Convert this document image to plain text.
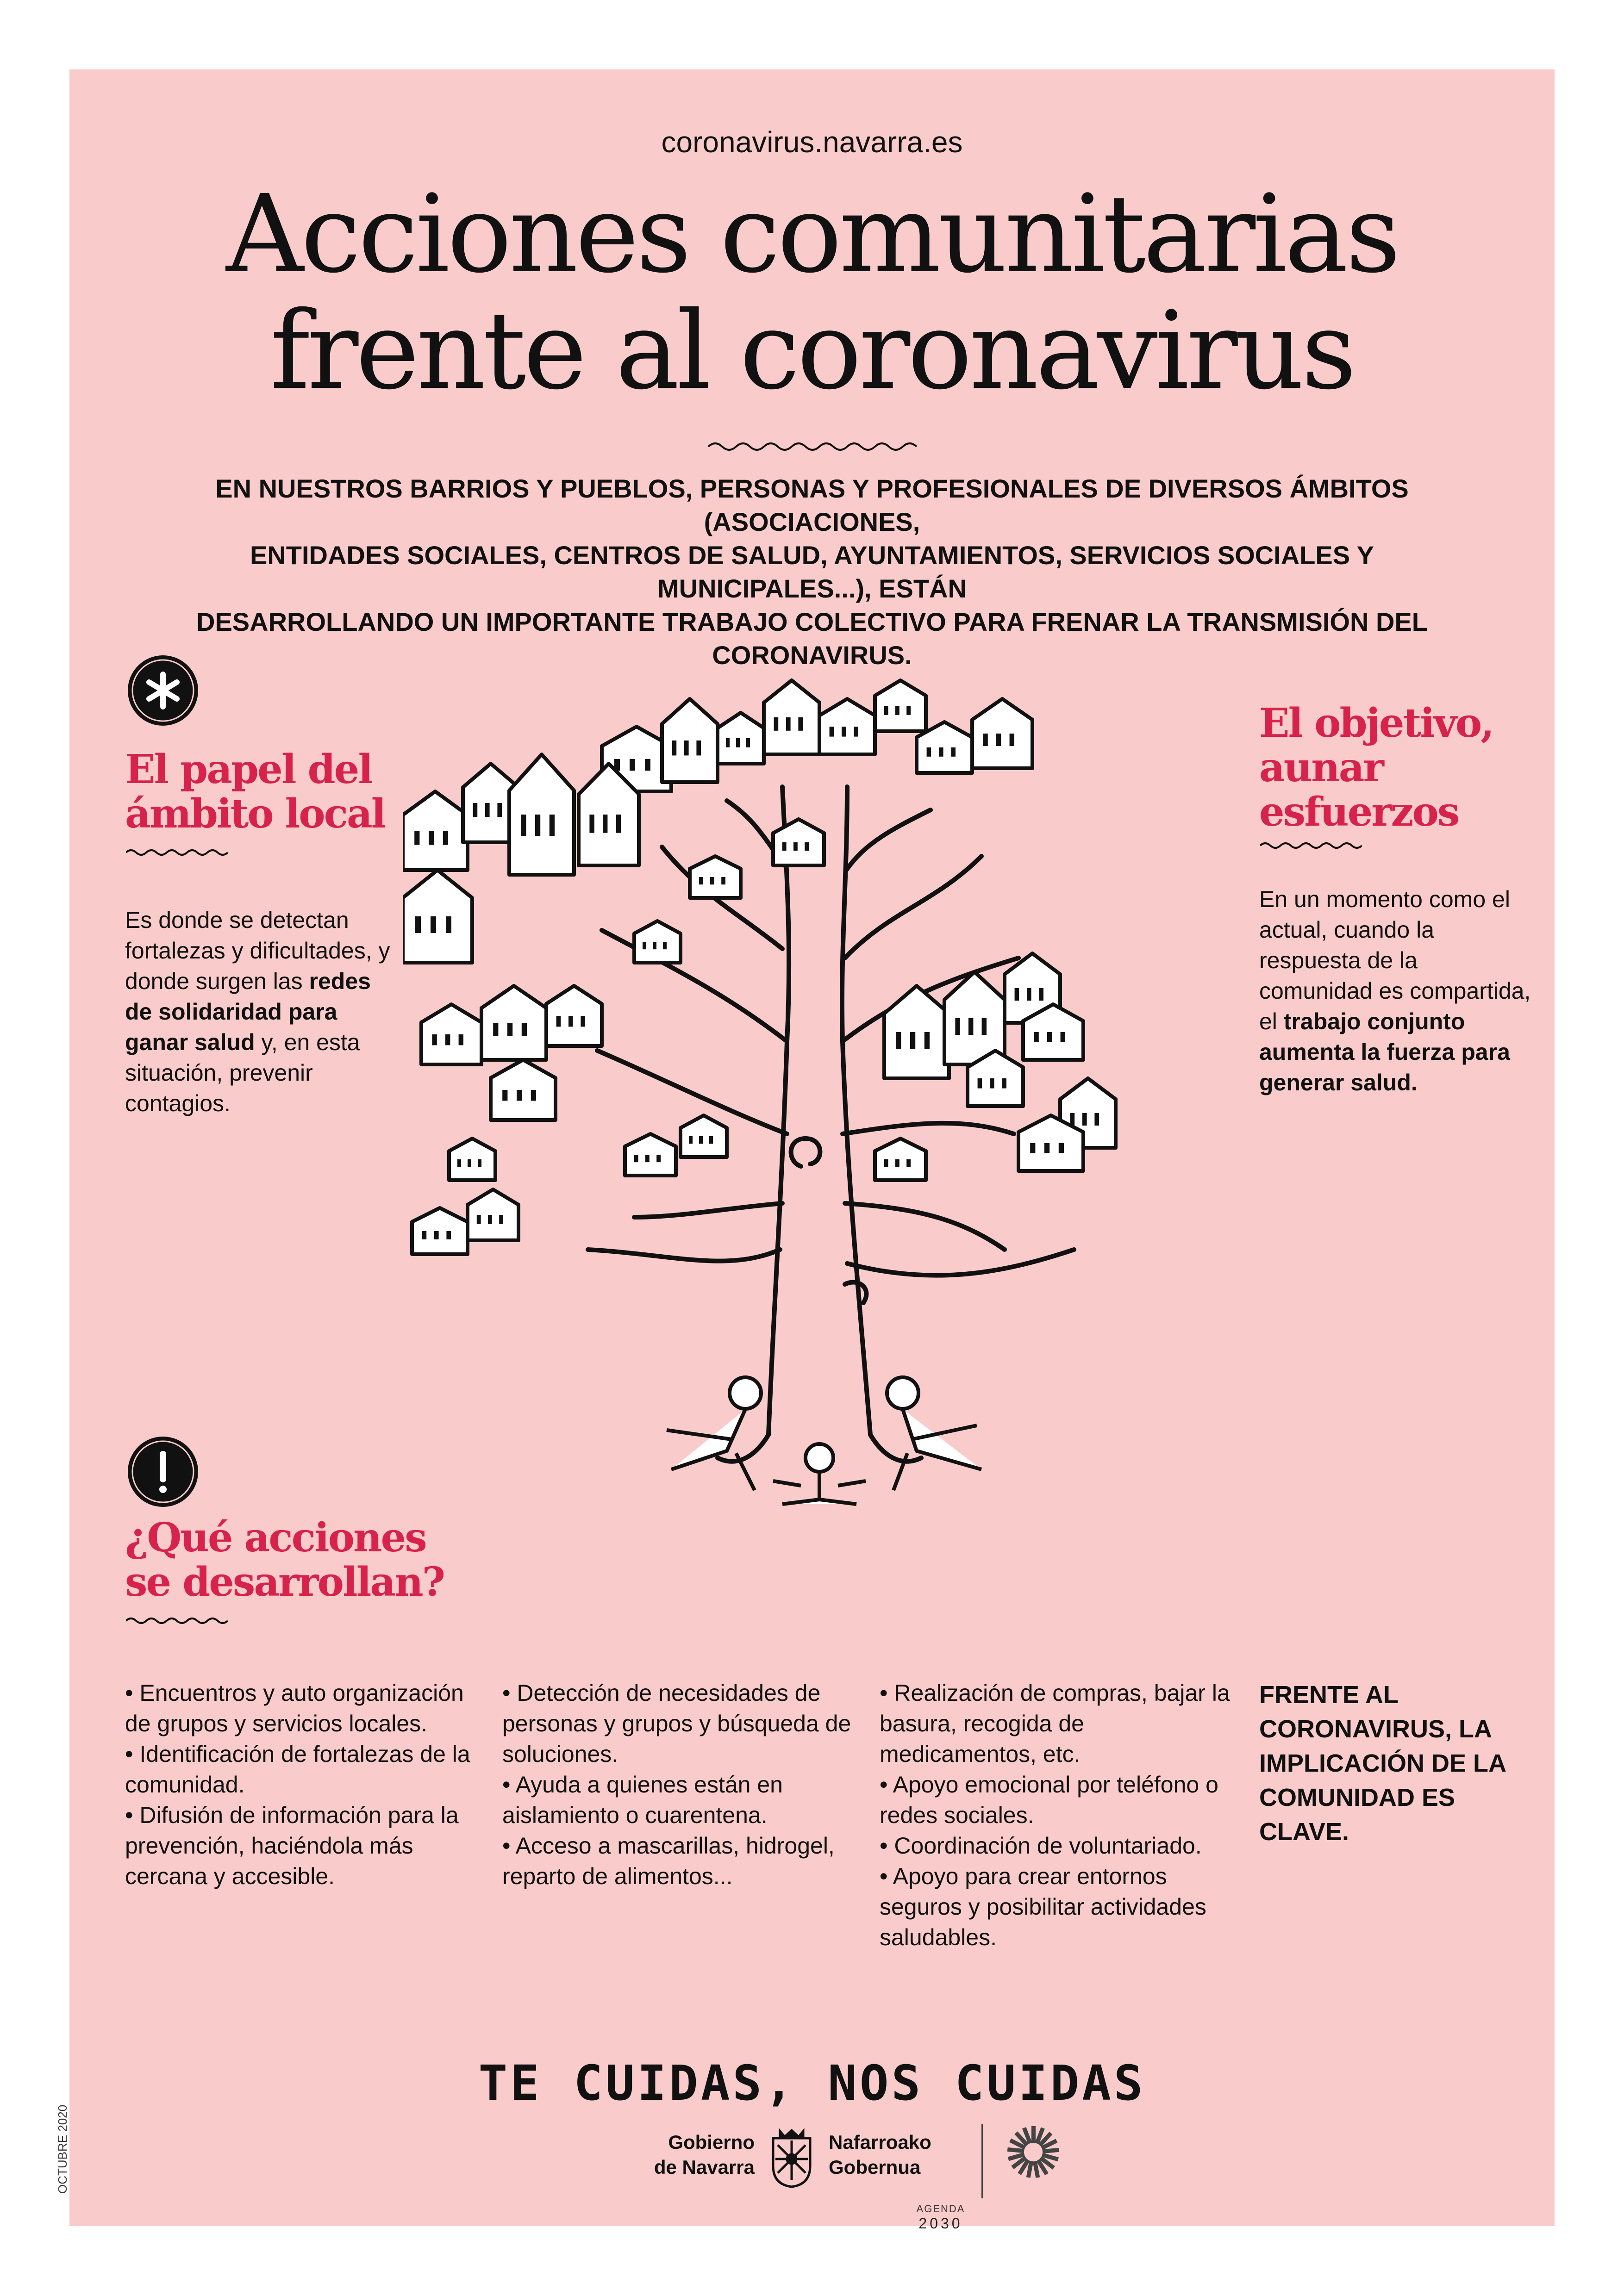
coronavirus.navarra.es
Acciones comunitarias
frente al coronavirus
EN NUESTROS BARRIOS Y PUEBLOS, PERSONAS Y PROFESIONALES DE DIVERSOS ÁMBITOS (ASOCIACIONES,
ENTIDADES SOCIALES, CENTROS DE SALUD, AYUNTAMIENTOS, SERVICIOS SOCIALES Y MUNICIPALES...), ESTÁN
DESARROLLANDO UN IMPORTANTE TRABAJO COLECTIVO PARA FRENAR LA TRANSMISIÓN DEL CORONAVIRUS.
El papel del
ámbito local
Es donde se detectan fortalezas y dificultades, y donde surgen las redes de solidaridad para ganar salud y, en esta situación, prevenir contagios.
El objetivo,
aunar
esfuerzos
En un momento como el actual, cuando la respuesta de la comunidad es compartida, el trabajo conjunto aumenta la fuerza para generar salud.
¿Qué acciones
se desarrollan?
• Encuentros y auto organización de grupos y servicios locales.
• Identificación de fortalezas de la comunidad.
• Difusión de información para la prevención, haciéndola más cercana y accesible.
• Detección de necesidades de personas y grupos y búsqueda de soluciones.
• Ayuda a quienes están en aislamiento o cuarentena.
• Acceso a mascarillas, hidrogel, reparto de alimentos...
• Realización de compras, bajar la basura, recogida de medicamentos, etc.
• Apoyo emocional por teléfono o redes sociales.
• Coordinación de voluntariado.
• Apoyo para crear entornos seguros y posibilitar actividades saludables.
FRENTE AL CORONAVIRUS, LA IMPLICACIÓN DE LA COMUNIDAD ES CLAVE.
TE CUIDAS, NOS CUIDAS
Gobierno
de Navarra
Nafarroako
Gobernua
AGENDA
2030
OCTUBRE 2020
